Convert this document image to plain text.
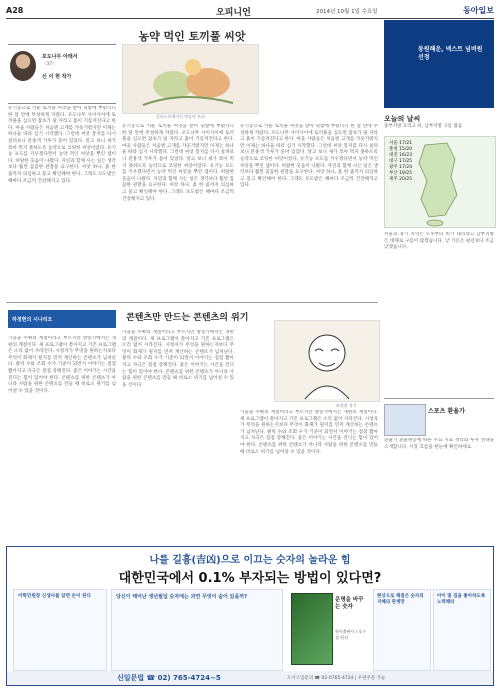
A28	오피니언	2014년 10월 1일 수요일	동아일보
농약 먹인 토끼풀 씨앗
포도나무 아래서
〈37〉
신 이 현 작가
유기농으로 키운 토끼풀 씨앗을 받아 뒷밭에 뿌렸더니 한 달 만에 무성하게 자랐다. 포도나무 사이사이에 토끼풀을 심으면 잡초가 덜 자라고 흙이 기름져진다고 한다. 마을 사람들은 처음엔 고개를 갸웃거렸지만 이제는 하나둘 따라 심기 시작했다. 그런데 씨앗 봉지를 다시 살펴보니 분홍색 가루가 묻어 있었다. 알고 보니 새가 쪼아 먹지 못하도록 농약으로 코팅한 씨앗이었다. 유기농 포도를 키우겠다면서 농약 먹인 씨앗을 뿌린 셈이다. 허탈한 웃음이 나왔다. 자연과 함께 사는 일은 생각보다 훨씬 꼼꼼한 관찰을 요구한다. 씨앗 하나, 흙 한 줌까지 의심하고 묻고 확인해야 한다. 그래도 포도밭은 해마다 조금씩 건강해지고 있다.
일러스트레이션 박승연 트리
유기농으로 키운 토끼풀 씨앗을 받아 뒷밭에 뿌렸더니 한 달 만에 무성하게 자랐다. 포도나무 사이사이에 토끼풀을 심으면 잡초가 덜 자라고 흙이 기름져진다고 한다. 마을 사람들은 처음엔 고개를 갸웃거렸지만 이제는 하나둘 따라 심기 시작했다. 그런데 씨앗 봉지를 다시 살펴보니 분홍색 가루가 묻어 있었다. 알고 보니 새가 쪼아 먹지 못하도록 농약으로 코팅한 씨앗이었다. 유기농 포도를 키우겠다면서 농약 먹인 씨앗을 뿌린 셈이다. 허탈한 웃음이 나왔다. 자연과 함께 사는 일은 생각보다 훨씬 꼼꼼한 관찰을 요구한다. 씨앗 하나, 흙 한 줌까지 의심하고 묻고 확인해야 한다. 그래도 포도밭은 해마다 조금씩 건강해지고 있다.
유기농으로 키운 토끼풀 씨앗을 받아 뒷밭에 뿌렸더니 한 달 만에 무성하게 자랐다. 포도나무 사이사이에 토끼풀을 심으면 잡초가 덜 자라고 흙이 기름져진다고 한다. 마을 사람들은 처음엔 고개를 갸웃거렸지만 이제는 하나둘 따라 심기 시작했다. 그런데 씨앗 봉지를 다시 살펴보니 분홍색 가루가 묻어 있었다. 알고 보니 새가 쪼아 먹지 못하도록 농약으로 코팅한 씨앗이었다. 유기농 포도를 키우겠다면서 농약 먹인 씨앗을 뿌린 셈이다. 허탈한 웃음이 나왔다. 자연과 함께 사는 일은 생각보다 훨씬 꼼꼼한 관찰을 요구한다. 씨앗 하나, 흙 한 줌까지 의심하고 묻고 확인해야 한다. 그래도 포도밭은 해마다 조금씩 건강해지고 있다.
콘텐츠만 만드는 콘텐츠의 위기
하정현의 시나리오
가을을 수확의 계절이라고 부르지만 방송가에서는 개편의 계절이다. 새 프로그램이 쏟아지고 기존 프로그램은 소리 없이 사라진다. 시청자가 무엇을 원하는지보다 무엇이 화제가 될지를 먼저 계산하는 콘텐츠가 넘쳐난다. 클릭 수와 조회 수가 기준이 되면서 이야기는 점점 짧아지고 자극은 점점 강해진다. 좋은 이야기는 시간을 견디는 힘이 있어야 한다. 콘텐츠를 위한 콘텐츠가 아니라 사람을 위한 콘텐츠를 만들 때 비로소 위기를 넘어설 수 있을 것이다.
가을을 수확의 계절이라고 부르지만 방송가에서는 개편의 계절이다. 새 프로그램이 쏟아지고 기존 프로그램은 소리 없이 사라진다. 시청자가 무엇을 원하는지보다 무엇이 화제가 될지를 먼저 계산하는 콘텐츠가 넘쳐난다. 클릭 수와 조회 수가 기준이 되면서 이야기는 점점 짧아지고 자극은 점점 강해진다. 좋은 이야기는 시간을 견디는 힘이 있어야 한다. 콘텐츠를 위한 콘텐츠가 아니라 사람을 위한 콘텐츠를 만들 때 비로소 위기를 넘어설 수 있을 것이다.
하정현 작가
가을을 수확의 계절이라고 부르지만 방송가에서는 개편의 계절이다. 새 프로그램이 쏟아지고 기존 프로그램은 소리 없이 사라진다. 시청자가 무엇을 원하는지보다 무엇이 화제가 될지를 먼저 계산하는 콘텐츠가 넘쳐난다. 클릭 수와 조회 수가 기준이 되면서 이야기는 점점 짧아지고 자극은 점점 강해진다. 좋은 이야기는 시간을 견디는 힘이 있어야 한다. 콘텐츠를 위한 콘텐츠가 아니라 사람을 위한 콘텐츠를 만들 때 비로소 위기를 넘어설 수 있을 것이다.
동원해운, 넥스트 넘버원 선정
오늘의 날씨
중부지방 흐리고 비, 남부지방 구름 많음
서울 17/21
춘천 15/20
대전 16/23
대구 17/25
광주 17/24
부산 19/25
제주 20/25
서울과 경기 지역은 오후부터 비가 내리겠고 남부지방은 대체로 구름이 많겠습니다. 낮 기온은 평년보다 조금 낮겠습니다.
스포츠 환율가
환율가 환율변동에 따른 주요 지표 정리와 투자 전략을 소개합니다. 시장 흐름을 한눈에 확인하세요.
나를 길흉(吉凶)으로 이끄는 숫자의 놀라운 힘
대한민국에서 0.1% 부자되는 방법이 있다면?
이학민원장 신생사를 알면 돈이 된다	당신이 태어난 생년월일 숫자에는 과연 무엇이 숨어 있을까?	운명을 바꾸는 숫자
학이출판사 / 오수경 편저
현상으로 해결은 숫자의 지혜의 관계망
아이 및 집을 좋아하도록 노력해라
신일문법 ☎ 02) 765-4724~5	도서구입문의 ☎ 02-0765-4724 | 우편주문 가능
